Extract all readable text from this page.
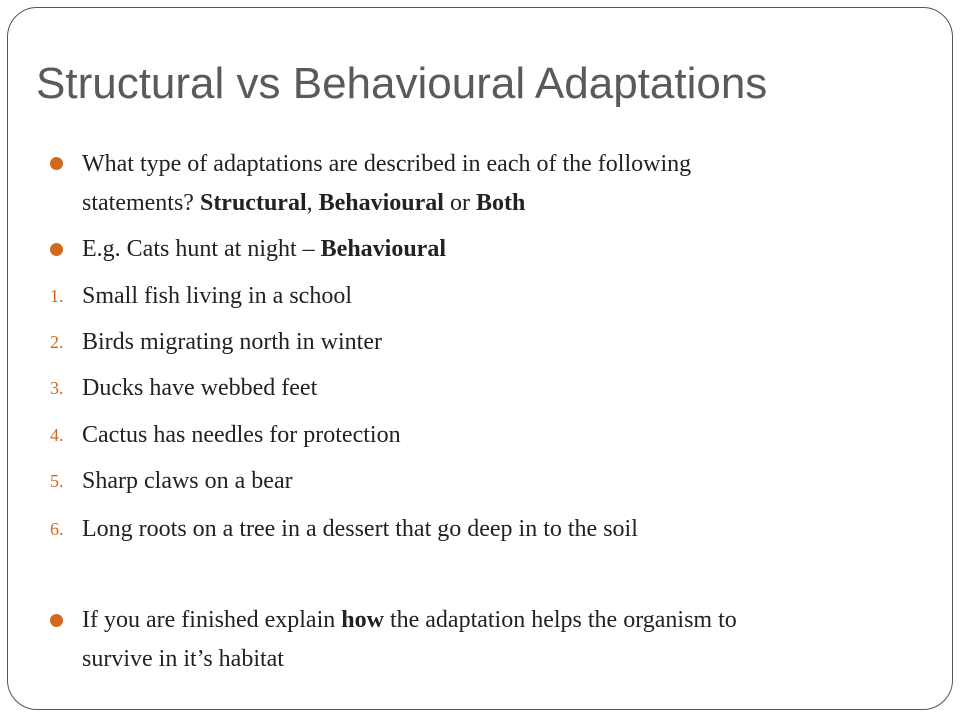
Structural vs Behavioural Adaptations

What type of adaptations are described in each of the following

statements? Structural, Behavioural or Both

E.g. Cats hunt at night – Behavioural

1. Small fish living in a school

2. Birds migrating north in winter

3. Ducks have webbed feet

4. Cactus has needles for protection

5. Sharp claws on a bear

6. Long roots on a tree in a dessert that go deep in to the soil

If you are finished explain how the adaptation helps the organism to

survive in it’s habitat
